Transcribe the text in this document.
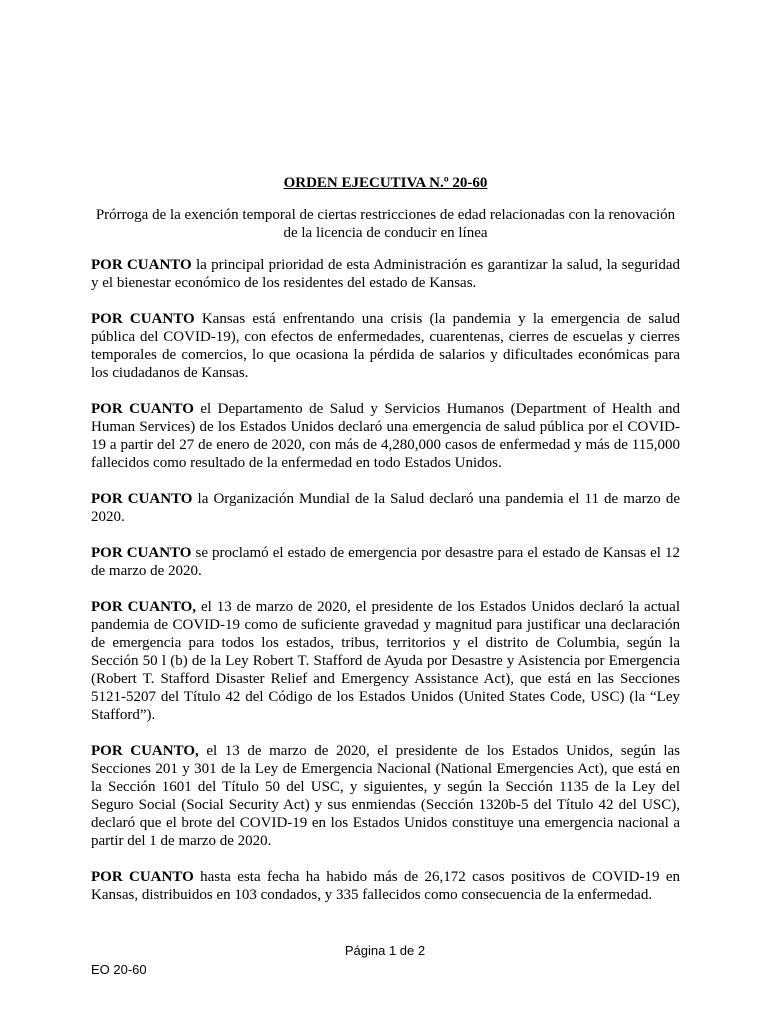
ORDEN EJECUTIVA N.º 20-60
Prórroga de la exención temporal de ciertas restricciones de edad relacionadas con la renovación de la licencia de conducir en línea

POR CUANTO la principal prioridad de esta Administración es garantizar la salud, la seguridad y el bienestar económico de los residentes del estado de Kansas.

POR CUANTO Kansas está enfrentando una crisis (la pandemia y la emergencia de salud pública del COVID-19), con efectos de enfermedades, cuarentenas, cierres de escuelas y cierres temporales de comercios, lo que ocasiona la pérdida de salarios y dificultades económicas para los ciudadanos de Kansas.

POR CUANTO el Departamento de Salud y Servicios Humanos (Department of Health and Human Services) de los Estados Unidos declaró una emergencia de salud pública por el COVID-19 a partir del 27 de enero de 2020, con más de 4,280,000 casos de enfermedad y más de 115,000 fallecidos como resultado de la enfermedad en todo Estados Unidos.

POR CUANTO la Organización Mundial de la Salud declaró una pandemia el 11 de marzo de 2020.

POR CUANTO se proclamó el estado de emergencia por desastre para el estado de Kansas el 12 de marzo de 2020.

POR CUANTO, el 13 de marzo de 2020, el presidente de los Estados Unidos declaró la actual pandemia de COVID-19 como de suficiente gravedad y magnitud para justificar una declaración de emergencia para todos los estados, tribus, territorios y el distrito de Columbia, según la Sección 50 l (b) de la Ley Robert T. Stafford de Ayuda por Desastre y Asistencia por Emergencia (Robert T. Stafford Disaster Relief and Emergency Assistance Act), que está en las Secciones 5121-5207 del Título 42 del Código de los Estados Unidos (United States Code, USC) (la “Ley Stafford”).

POR CUANTO, el 13 de marzo de 2020, el presidente de los Estados Unidos, según las Secciones 201 y 301 de la Ley de Emergencia Nacional (National Emergencies Act), que está en la Sección 1601 del Título 50 del USC, y siguientes, y según la Sección 1135 de la Ley del Seguro Social (Social Security Act) y sus enmiendas (Sección 1320b-5 del Título 42 del USC), declaró que el brote del COVID-19 en los Estados Unidos constituye una emergencia nacional a partir del 1 de marzo de 2020.

POR CUANTO hasta esta fecha ha habido más de 26,172 casos positivos de COVID-19 en Kansas, distribuidos en 103 condados, y 335 fallecidos como consecuencia de la enfermedad.

Página 1 de 2
EO 20-60
